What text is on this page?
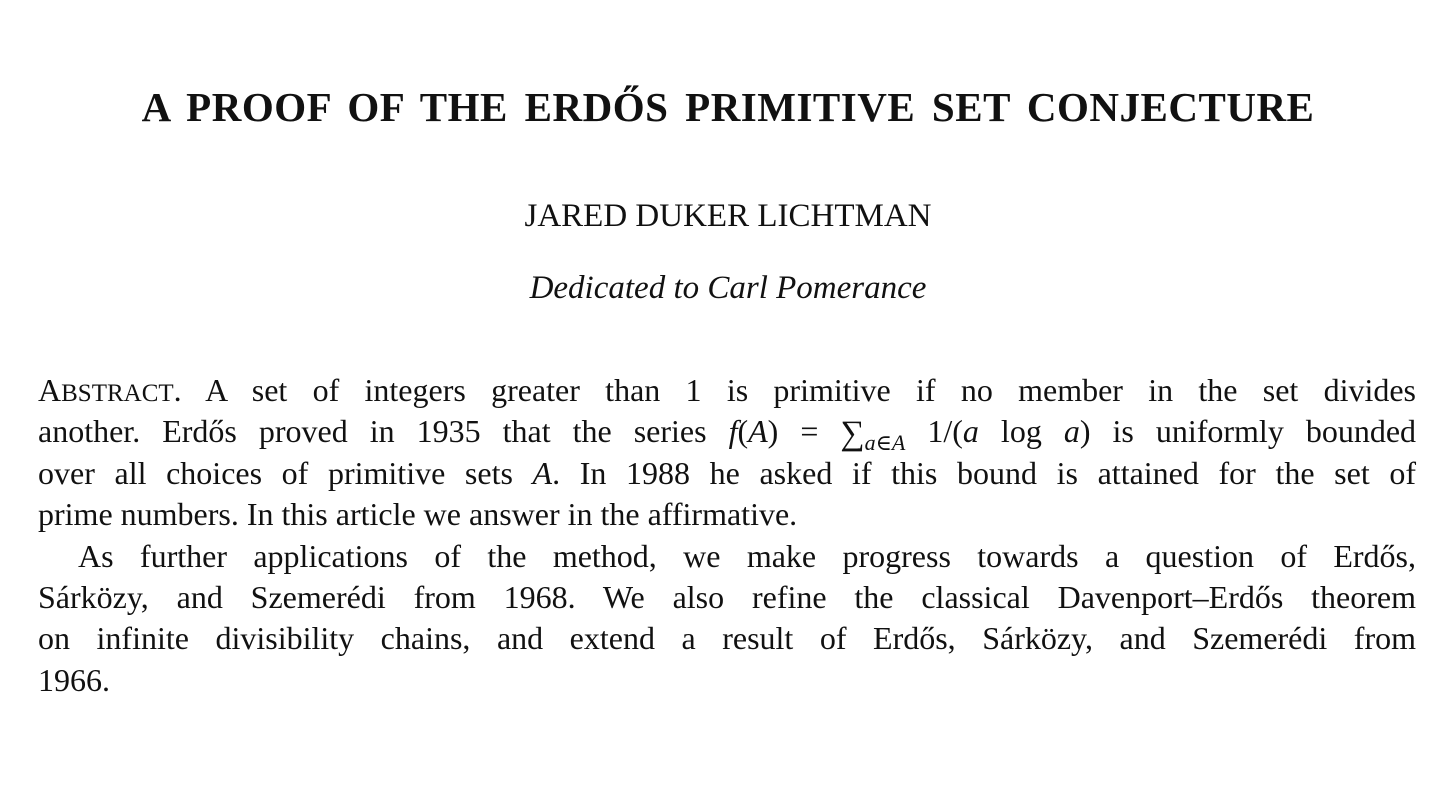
A PROOF OF THE ERDŐS PRIMITIVE SET CONJECTURE
JARED DUKER LICHTMAN
Dedicated to Carl Pomerance
ABSTRACT. A set of integers greater than 1 is primitive if no member in the set divides
another. Erdős proved in 1935 that the series $f(A) = \sum_{a\in A}$ 1/(a log a) is uniformly bounded
over all choices of primitive sets A. In 1988 he asked if this bound is attained for the set of
prime numbers. In this article we answer in the affirmative.
As further applications of the method, we make progress towards a question of Erdős,
Sárközy, and Szemerédi from 1968. We also refine the classical Davenport–Erdős theorem
on infinite divisibility chains, and extend a result of Erdős, Sárközy, and Szemerédi from
1966.
